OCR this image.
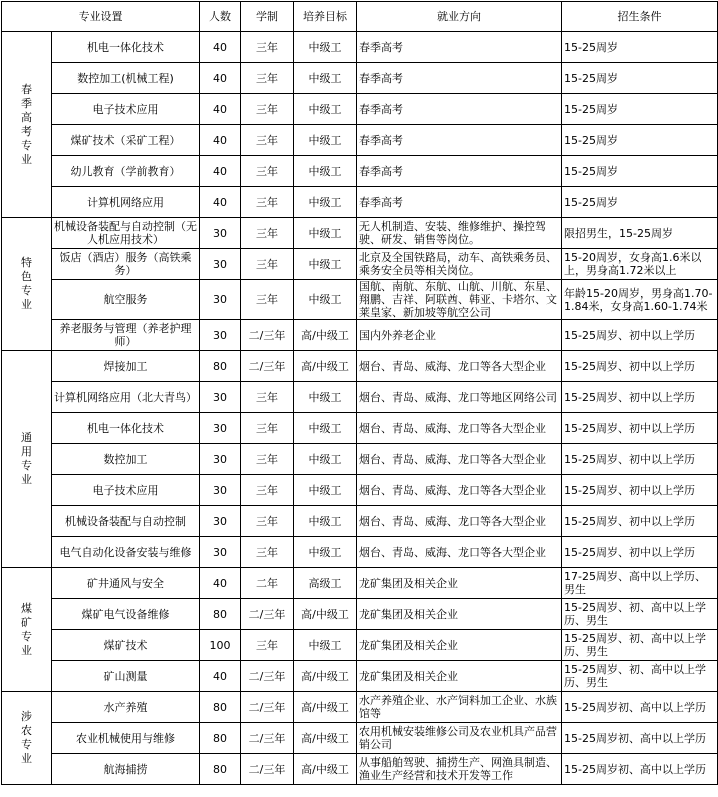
专业设置		人数	学制	培养目标	就业方向	招生条件
春季高考专业	机电一体化技术	40	三年	中级工	春季高考	15-25周岁
	数控加工(机械工程)	40	三年	中级工	春季高考	15-25周岁
	电子技术应用	40	三年	中级工	春季高考	15-25周岁
	煤矿技术（采矿工程）	40	三年	中级工	春季高考	15-25周岁
	幼儿教育（学前教育）	40	三年	中级工	春季高考	15-25周岁
	计算机网络应用	40	三年	中级工	春季高考	15-25周岁
特色专业	机械设备装配与自动控制（无人机应用技术）	30	三年	中级工	无人机制造、安装、维修维护、操控驾驶、研发、销售等岗位。	限招男生，15-25周岁
	饭店（酒店）服务（高铁乘务）	30	三年	中级工	北京及全国铁路局，动车、高铁乘务员、乘务安全员等相关岗位。	15-20周岁，女身高1.6米以上，男身高1.72米以上
	航空服务	30	三年	中级工	国航、南航、东航、山航、川航、东星、翔鹏、吉祥、阿联酋、韩亚、卡塔尔、文莱皇家、新加坡等航空公司	年龄15-20周岁，男身高1.70-1.84米，女身高1.60-1.74米
	养老服务与管理（养老护理师）	30	二/三年	高/中级工	国内外养老企业	15-25周岁、初中以上学历
通用专业	焊接加工	80	二/三年	高/中级工	烟台、青岛、威海、龙口等各大型企业	15-25周岁、初中以上学历
	计算机网络应用（北大青鸟）	30	三年	中级工	烟台、青岛、威海、龙口等地区网络公司	15-25周岁、初中以上学历
	机电一体化技术	30	三年	中级工	烟台、青岛、威海、龙口等各大型企业	15-25周岁、初中以上学历
	数控加工	30	三年	中级工	烟台、青岛、威海、龙口等各大型企业	15-25周岁、初中以上学历
	电子技术应用	30	三年	中级工	烟台、青岛、威海、龙口等各大型企业	15-25周岁、初中以上学历
	机械设备装配与自动控制	30	三年	中级工	烟台、青岛、威海、龙口等各大型企业	15-25周岁、初中以上学历
	电气自动化设备安装与维修	30	三年	中级工	烟台、青岛、威海、龙口等各大型企业	15-25周岁、初中以上学历
煤矿专业	矿井通风与安全	40	二年	高级工	龙矿集团及相关企业	17-25周岁、高中以上学历、男生
	煤矿电气设备维修	80	二/三年	高/中级工	龙矿集团及相关企业	15-25周岁、初、高中以上学历、男生
	煤矿技术	100	三年	中级工	龙矿集团及相关企业	15-25周岁、初、高中以上学历、男生
	矿山测量	40	二/三年	高/中级工	龙矿集团及相关企业	15-25周岁、初、高中以上学历、男生
涉农专业	水产养殖	80	二/三年	高/中级工	水产养殖企业、水产饲料加工企业、水族馆等	15-25周岁初、高中以上学历
	农业机械使用与维修	80	二/三年	高/中级工	农用机械安装维修公司及农业机具产品营销公司	15-25周岁初、高中以上学历
	航海捕捞	80	二/三年	高/中级工	从事船舶驾驶、捕捞生产、网渔具制造、渔业生产经营和技术开发等工作	15-25周岁初、高中以上学历
